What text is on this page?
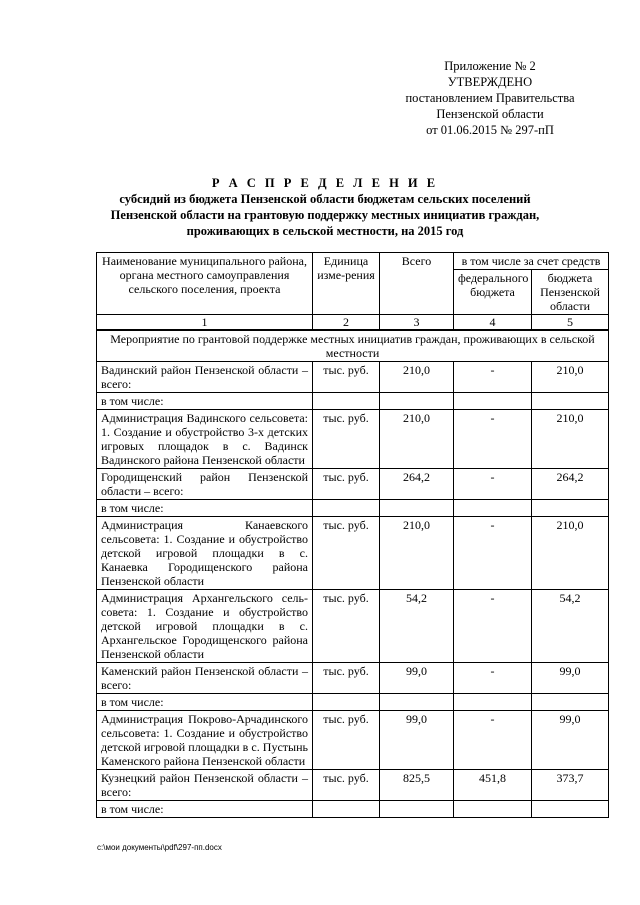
Приложение № 2
УТВЕРЖДЕНО
постановлением Правительства
Пензенской области
от 01.06.2015 № 297-пП
Р А С П Р Е Д Е Л Е Н И Е
субсидий из бюджета Пензенской области бюджетам сельских поселений
Пензенской области на грантовую поддержку местных инициатив граждан,
проживающих в сельской местности, на 2015 год
Наименование муниципального района, органа местного самоуправления сельского поселения, проекта	Единица изме-рения	Всего	в том числе за счет средств	
			федерального бюджета	бюджета Пензенской области
1	2	3	4	5
Мероприятие по грантовой поддержке местных инициатив граждан, проживающих в сельской местности				
Вадинский район Пензенской области – всего:	тыс. руб.	210,0	-	210,0
в том числе:				
Администрация Вадинского сельсовета: 1. Создание и обустройство 3-х детских игровых площадок в с. Вадинск Вадинского района Пензенской области	тыс. руб.	210,0	-	210,0
Городищенский район Пензенской области – всего:	тыс. руб.	264,2	-	264,2
в том числе:				
Администрация Канаевского сельсовета: 1. Создание и обустройство детской игровой площадки в с. Канаевка Городищенского района Пензенской области	тыс. руб.	210,0	-	210,0
Администрация Архангельского сель-совета: 1. Создание и обустройство детской игровой площадки в с. Архангельское Городищенского района Пензенской области	тыс. руб.	54,2	-	54,2
Каменский район Пензенской области – всего:	тыс. руб.	99,0	-	99,0
в том числе:				
Администрация Покрово-Арчадинского сельсовета: 1. Создание и обустройство детской игровой площадки в с. Пустынь Каменского района Пензенской области	тыс. руб.	99,0	-	99,0
Кузнецкий район Пензенской области – всего:	тыс. руб.	825,5	451,8	373,7
в том числе:				
c:\мои документы\pdf\297-пп.docx
